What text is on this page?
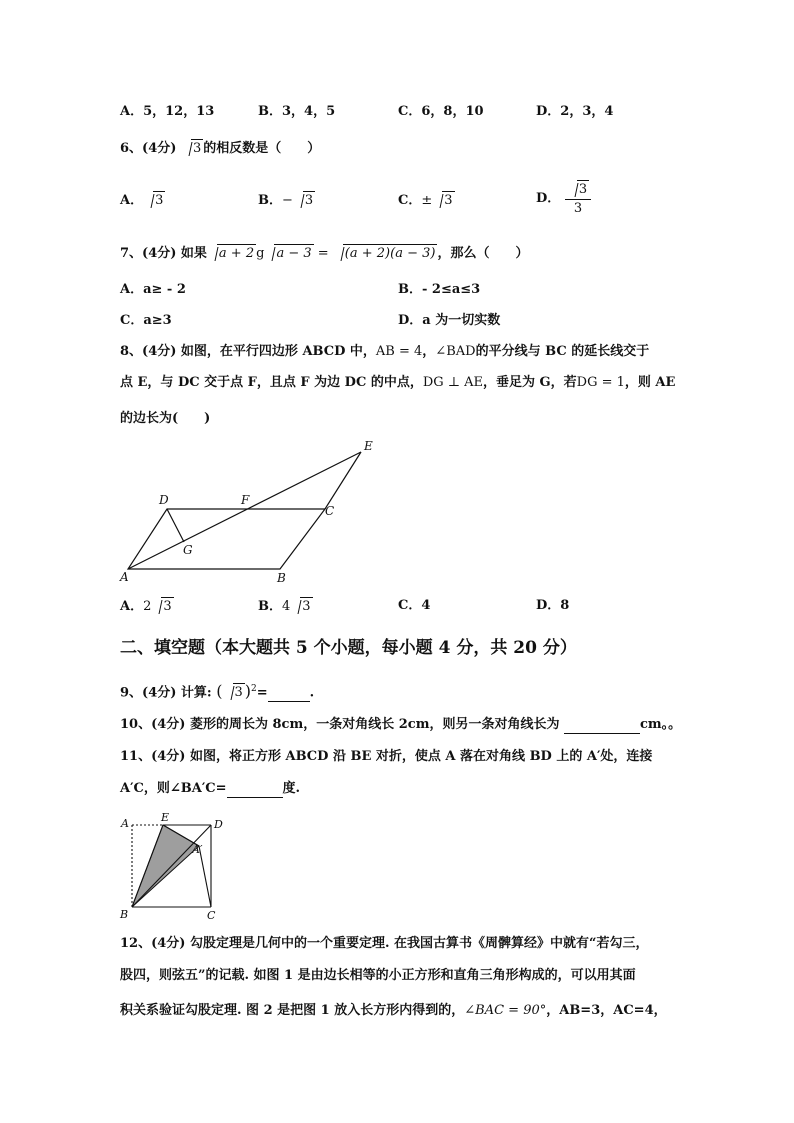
A．5，12，13	B．3，4，5	C．6，8，10	D．2，3，4
6、(4分) 3 的相反数是（　　）
A． 3	B．− 3	C．± 3	D． $\frac{3}{3}$
7、(4分) 如果 a + 2 g a − 3 = (a + 2)(a − 3) ，那么（　　）
A．a≥ - 2	B．- 2≤a≤3
C．a≥3	D．a 为一切实数
8、(4分) 如图，在平行四边形 ABCD 中，AB = 4，∠BAD的平分线与 BC 的延长线交于
点 E，与 DC 交于点 F，且点 F 为边 DC 的中点，DG ⊥ AE，垂足为 G，若DG = 1，则 AE
的边长为(　　)
A	B
C
D
E
F
G
A．2 3	B．4 3	C．4	D．8
二、填空题（本大题共 5 个小题，每小题 4 分，共 20 分）
9、(4分) 计算: ( 3 )$^2$=	.
10、(4分) 菱形的周长为 8cm，一条对角线长 2cm，则另一条对角线长为	cm。。
11、(4分) 如图，将正方形 ABCD 沿 BE 对折，使点 A 落在对角线 BD 上的 A′处，连接
A′C，则∠BA′C=	度.
A	E
D
A′
B	C
12、(4分) 勾股定理是几何中的一个重要定理. 在我国古算书《周髀算经》中就有“若勾三，
股四，则弦五”的记载. 如图 1 是由边长相等的小正方形和直角三角形构成的，可以用其面
积关系验证勾股定理. 图 2 是把图 1 放入长方形内得到的，∠BAC = 90°，AB=3，AC=4，
